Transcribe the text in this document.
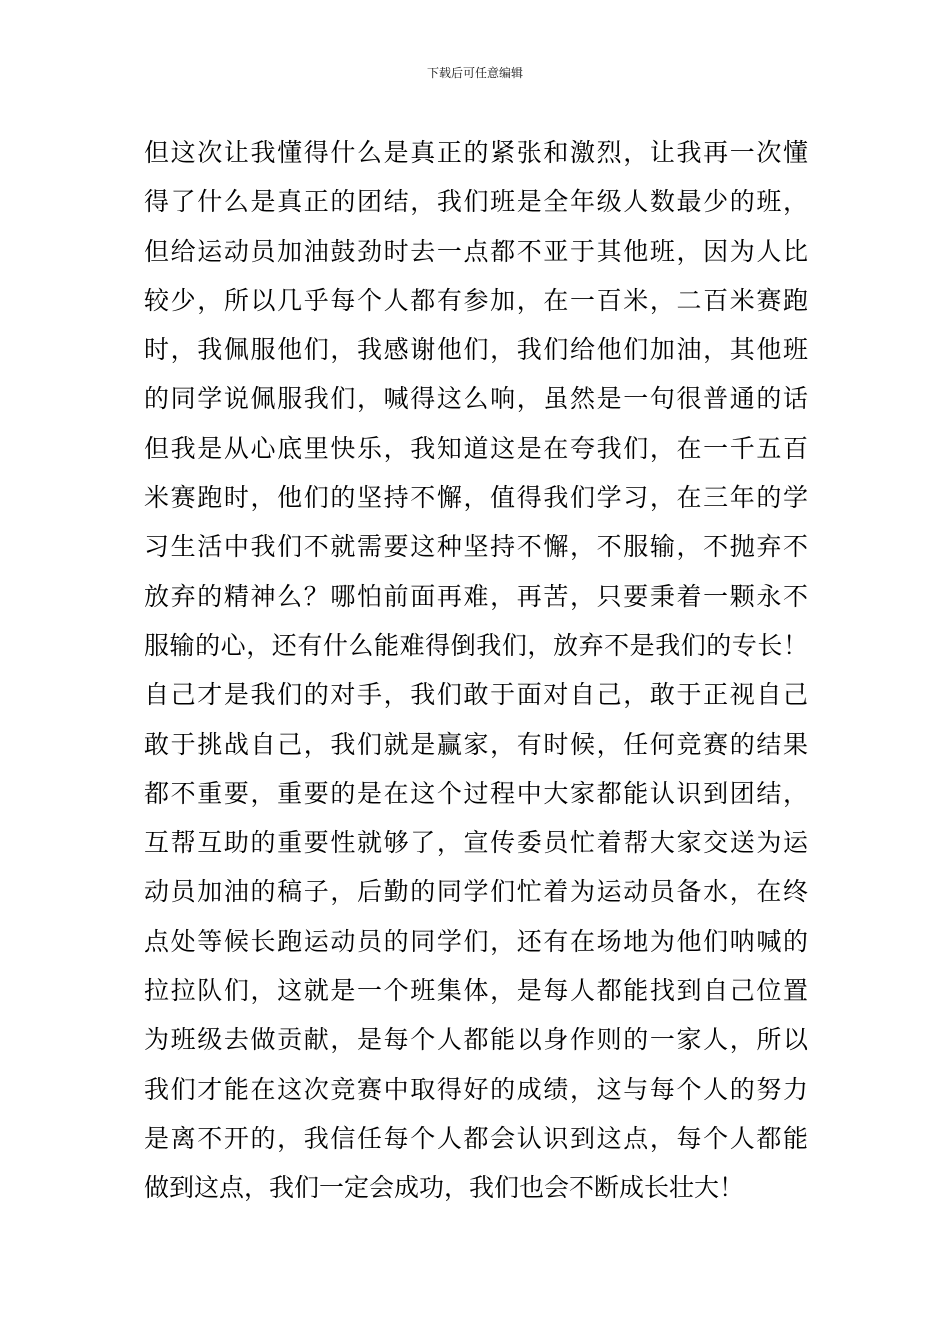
下载后可任意编辑
但这次让我懂得什么是真正的紧张和激烈，让我再一次懂
得了什么是真正的团结，我们班是全年级人数最少的班，
但给运动员加油鼓劲时去一点都不亚于其他班，因为人比
较少，所以几乎每个人都有参加，在一百米，二百米赛跑
时，我佩服他们，我感谢他们，我们给他们加油，其他班
的同学说佩服我们，喊得这么响，虽然是一句很普通的话
但我是从心底里快乐，我知道这是在夸我们，在一千五百
米赛跑时，他们的坚持不懈，值得我们学习，在三年的学
习生活中我们不就需要这种坚持不懈，不服输，不抛弃不
放弃的精神么？哪怕前面再难，再苦，只要秉着一颗永不
服输的心，还有什么能难得倒我们，放弃不是我们的专长！
自己才是我们的对手，我们敢于面对自己，敢于正视自己
敢于挑战自己，我们就是赢家，有时候，任何竞赛的结果
都不重要，重要的是在这个过程中大家都能认识到团结，
互帮互助的重要性就够了，宣传委员忙着帮大家交送为运
动员加油的稿子，后勤的同学们忙着为运动员备水，在终
点处等候长跑运动员的同学们，还有在场地为他们呐喊的
拉拉队们，这就是一个班集体，是每人都能找到自己位置
为班级去做贡献，是每个人都能以身作则的一家人，所以
我们才能在这次竞赛中取得好的成绩，这与每个人的努力
是离不开的，我信任每个人都会认识到这点，每个人都能
做到这点，我们一定会成功，我们也会不断成长壮大！
